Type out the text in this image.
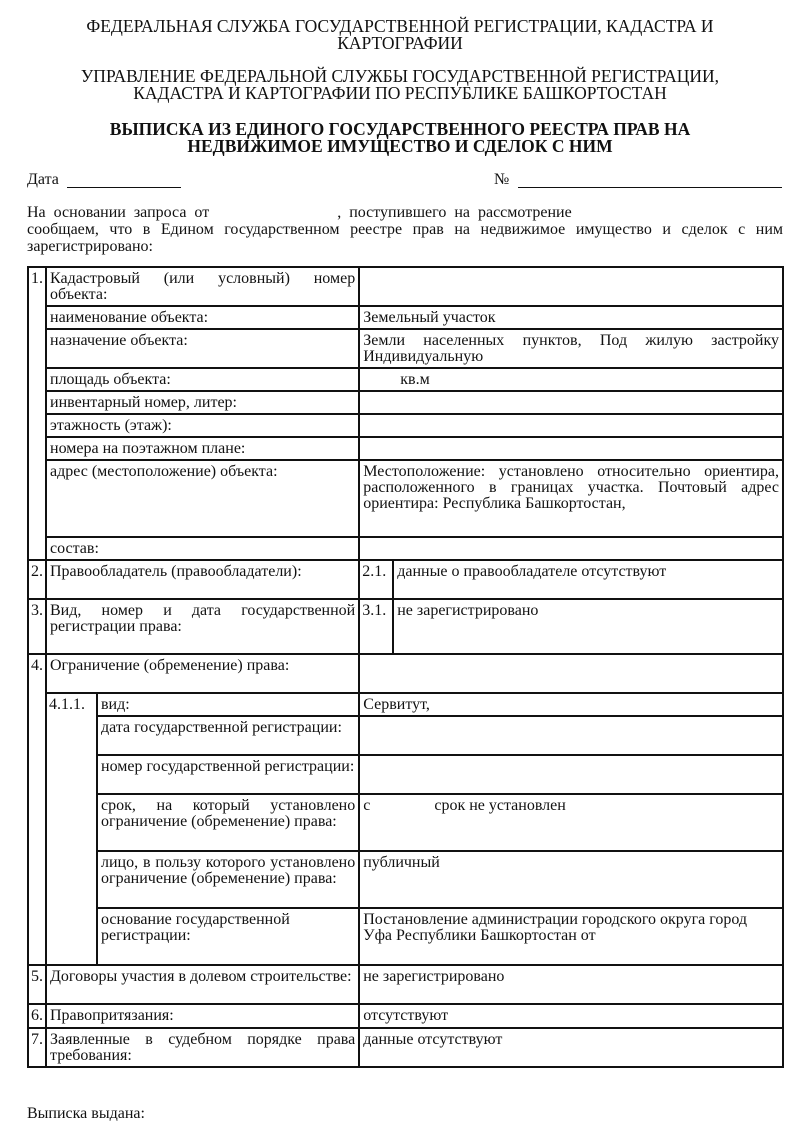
ФЕДЕРАЛЬНАЯ СЛУЖБА ГОСУДАРСТВЕННОЙ РЕГИСТРАЦИИ, КАДАСТРА И
КАРТОГРАФИИ
УПРАВЛЕНИЕ ФЕДЕРАЛЬНОЙ СЛУЖБЫ ГОСУДАРСТВЕННОЙ РЕГИСТРАЦИИ,
КАДАСТРА И КАРТОГРАФИИ ПО РЕСПУБЛИКЕ БАШКОРТОСТАН
ВЫПИСКА ИЗ ЕДИНОГО ГОСУДАРСТВЕННОГО РЕЕСТРА ПРАВ НА
НЕДВИЖИМОЕ ИМУЩЕСТВО И СДЕЛОК С НИМ
Дата	№
На основании запроса от                , поступившего на рассмотрение
сообщаем, что в Едином государственном реестре прав на недвижимое имущество и сделок с ним зарегистрировано:
1.	Кадастровый (или условный) номер объекта:			
	наименование объекта:		Земельный участок	
	назначение объекта:		Земли населенных пунктов, Под жилую застройку Индивидуальную	
	площадь объекта:		кв.м	
	инвентарный номер, литер:			
	этажность (этаж):			
	номера на поэтажном плане:			
	адрес (местоположение) объекта:		Местоположение: установлено относительно ориентира, расположенного в границах участка. Почтовый адрес ориентира: Республика Башкортостан,	
	состав:			
2.	Правообладатель (правообладатели):		2.1.	данные о правообладателе отсутствуют
3.	Вид, номер и дата государственной регистрации права:		3.1.	не зарегистрировано
4.	Ограничение (обременение) права:			
	4.1.1.	вид:	Сервитут,	
		дата государственной регистрации:		
		номер государственной регистрации:		
		срок, на который установлено ограничение (обременение) права:	с                срок не установлен	
		лицо, в пользу которого установлено ограничение (обременение) права:	публичный	
		основание государственной регистрации:	Постановление администрации городского округа город Уфа Республики Башкортостан от	
5.	Договоры участия в долевом строительстве:		не зарегистрировано	
6.	Правопритязания:		отсутствуют	
7.	Заявленные в судебном порядке права требования:		данные отсутствуют	
Выписка выдана:
